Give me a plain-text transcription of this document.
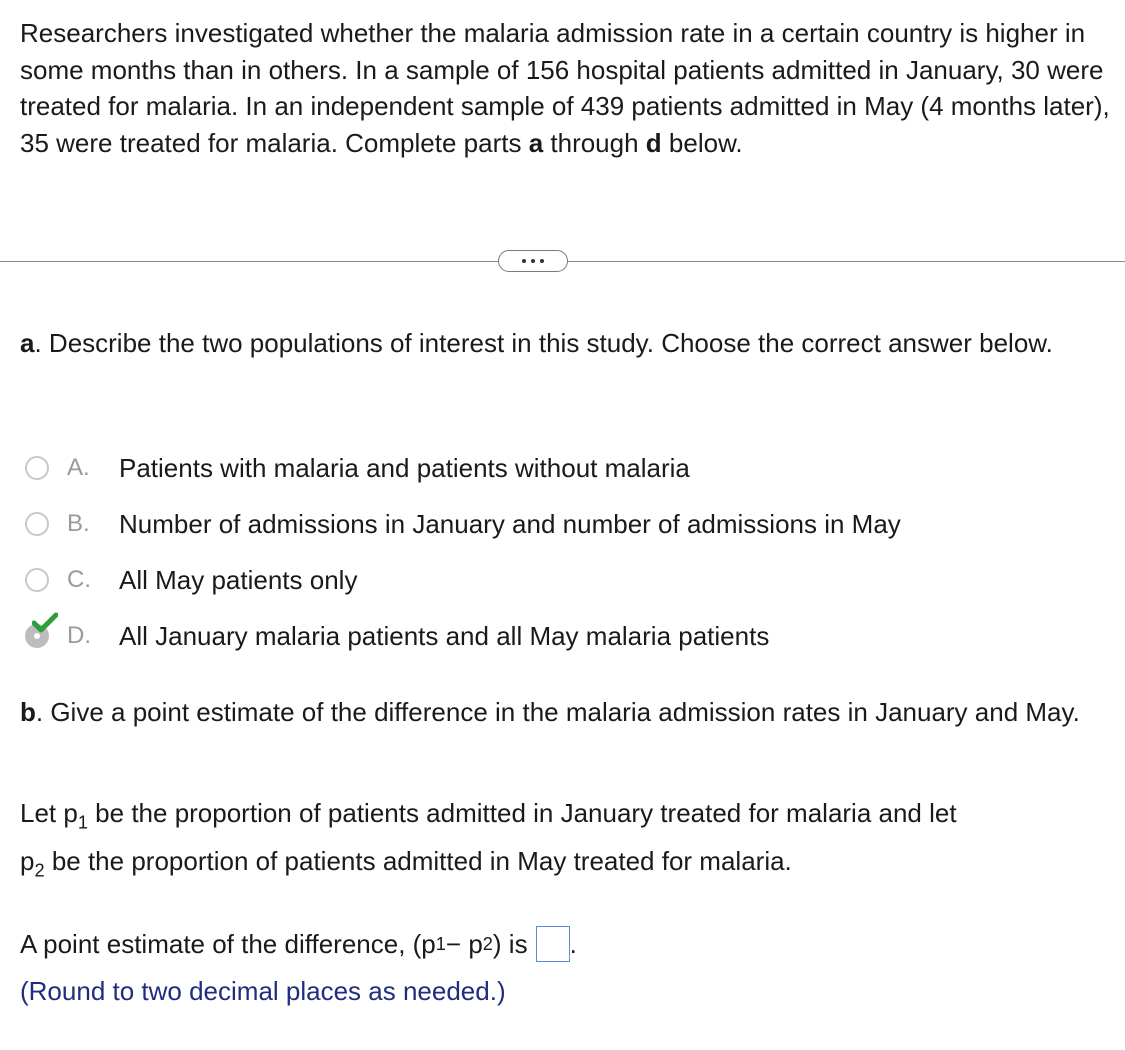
Researchers investigated whether the malaria admission rate in a certain country is higher in some months than in others. In a sample of 156 hospital patients admitted in January, 30 were treated for malaria. In an independent sample of 439 patients admitted in May (4 months later), 35 were treated for malaria. Complete parts a through d below.

a. Describe the two populations of interest in this study. Choose the correct answer below.

A. Patients with malaria and patients without malaria
B. Number of admissions in January and number of admissions in May
C. All May patients only
D. All January malaria patients and all May malaria patients

b. Give a point estimate of the difference in the malaria admission rates in January and May.

Let $p_1$ be the proportion of patients admitted in January treated for malaria and let

$p_2$ be the proportion of patients admitted in May treated for malaria.

A point estimate of the difference, (p 1 − p 2 ) is .

(Round to two decimal places as needed.)
